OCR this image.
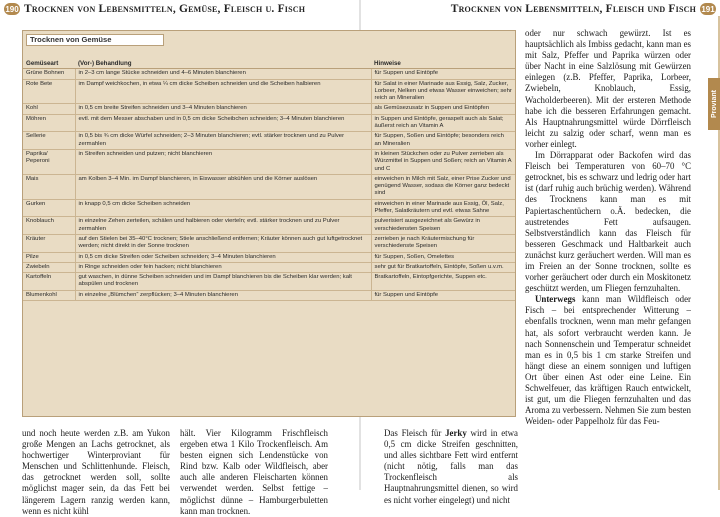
190 Trocknen von Lebensmitteln, Gemüse, Fleisch u. Fisch
Trocknen von Gemüse
Gemüseart	(Vor-) Behandlung	Hinweise
Grüne Bohnen	in 2–3 cm lange Stücke schneiden und 4–6 Minuten blanchieren	für Suppen und Eintöpfe
Rote Bete	im Dampf weichkochen, in etwa ¼ cm dicke Scheiben schneiden und die Scheiben halbieren	für Salat in einer Marinade aus Essig, Salz, Zucker, Lorbeer, Nelken und etwas Wasser einweichen; sehr reich an Mineralien
Kohl	in 0,5 cm breite Streifen schneiden und 3–4 Minuten blanchieren	als Gemüsezusatz in Suppen und Eintöpfen
Möhren	evtl. mit dem Messer abschaben und in 0,5 cm dicke Scheibchen schneiden; 3–4 Minuten blanchieren	in Suppen und Eintöpfe, geraspelt auch als Salat; äußerst reich an Vitamin A
Sellerie	in 0,5 bis ¾ cm dicke Würfel schneiden; 2–3 Minuten blanchieren; evtl. stärker trocknen und zu Pulver zermahlen	für Suppen, Soßen und Eintöpfe; besonders reich an Mineralien
Paprika/ Peperoni	in Streifen schneiden und putzen; nicht blanchieren	in kleinen Stückchen oder zu Pulver zerrieben als Würzmittel in Suppen und Soßen; reich an Vitamin A und C
Mais	am Kolben 3–4 Min. im Dampf blanchieren, in Eiswasser abkühlen und die Körner auslösen	einweichen in Milch mit Salz, einer Prise Zucker und genügend Wasser, sodass die Körner ganz bedeckt sind
Gurken	in knapp 0,5 cm dicke Scheiben schneiden	einweichen in einer Marinade aus Essig, Öl, Salz, Pfeffer, Salatkräutern und evtl. etwas Sahne
Knoblauch	in einzelne Zehen zerteilen, schälen und halbieren oder vierteln; evtl. stärker trocknen und zu Pulver zermahlen	pulverisiert ausgezeichnet als Gewürz in verschiedensten Speisen
Kräuter	auf den Stielen bei 35–40°C trocknen; Stiele anschließend entfernen; Kräuter können auch gut luftgetrocknet werden; nicht direkt in der Sonne trocknen	zerrieben je nach Kräutermischung für verschiedenste Speisen
Pilze	in 0,5 cm dicke Streifen oder Scheiben schneiden; 3–4 Minuten blanchieren	für Suppen, Soßen, Omelettes
Zwiebeln	in Ringe schneiden oder fein hacken; nicht blanchieren	sehr gut für Bratkartoffeln, Eintöpfe, Soßen u.v.m.
Kartoffeln	gut waschen, in dünne Scheiben schneiden und im Dampf blanchieren bis die Scheiben klar werden; kalt abspülen und trocknen	Bratkartoffeln, Eintopfgerichte, Suppen etc.
Blumenkohl	in einzelne „Blümchen“ zerpflücken; 3–4 Minuten blanchieren	für Suppen und Eintöpfe

und noch heute werden z.B. am Yukon große Mengen an Lachs getrocknet, als hochwertiger Winterproviant für Menschen und Schlittenhunde. Fleisch, das getrocknet werden soll, sollte möglichst mager sein, da das Fett bei längerem Lagern ranzig werden kann, wenn es nicht kühl

hält. Vier Kilogramm Frischfleisch ergeben etwa 1 Kilo Trockenfleisch. Am besten eignen sich Lendenstücke von Rind bzw. Kalb oder Wildfleisch, aber auch alle anderen Fleischarten können verwendet werden. Selbst fettige – möglichst dünne – Hamburgerbuletten kann man trocknen.

Trocknen von Lebensmitteln, Fleisch und Fisch 191
Proviant

Das Fleisch für Jerky wird in etwa 0,5 cm dicke Streifen geschnitten, und alles sichtbare Fett wird entfernt (nicht nötig, falls man das Trockenfleisch als Hauptnahrungsmittel dienen, so wird es nicht vorher eingelegt) und nicht

oder nur schwach gewürzt. Ist es hauptsächlich als Imbiss gedacht, kann man es mit Salz, Pfeffer und Paprika würzen oder über Nacht in eine Salzlösung mit Gewürzen einlegen (z.B. Pfeffer, Paprika, Lorbeer, Zwiebeln, Knoblauch, Essig, Wacholderbeeren). Mit der ersteren Methode habe ich die besseren Erfahrungen gemacht. Als Hauptnahrungsmittel würde Dörrfleisch leicht zu salzig oder scharf, wenn man es vorher einlegt.

Im Dörrapparat oder Backofen wird das Fleisch bei Temperaturen von 60–70 °C getrocknet, bis es schwarz und ledrig oder hart ist (darf ruhig auch brüchig werden). Während des Trocknens kann man es mit Papiertaschentüchern o.Ä. bedecken, die austretendes Fett aufsaugen. Selbstverständlich kann das Fleisch für besseren Geschmack und Haltbarkeit auch zunächst kurz geräuchert werden. Will man es im Freien an der Sonne trocknen, sollte es vorher geräuchert oder durch ein Moskitonetz geschützt werden, um Fliegen fernzuhalten.

Unterwegs kann man Wildfleisch oder Fisch – bei entsprechender Witterung – ebenfalls trocknen, wenn man mehr gefangen hat, als sofort verbraucht werden kann. Je nach Sonnenschein und Temperatur schneidet man es in 0,5 bis 1 cm starke Streifen und hängt diese an einem sonnigen und luftigen Ort über einen Ast oder eine Leine. Ein Schwelfeuer, das kräftigen Rauch entwickelt, ist gut, um die Fliegen fernzuhalten und das Aroma zu verbessern. Nehmen Sie zum besten Weiden- oder Pappelholz für das Feu-
